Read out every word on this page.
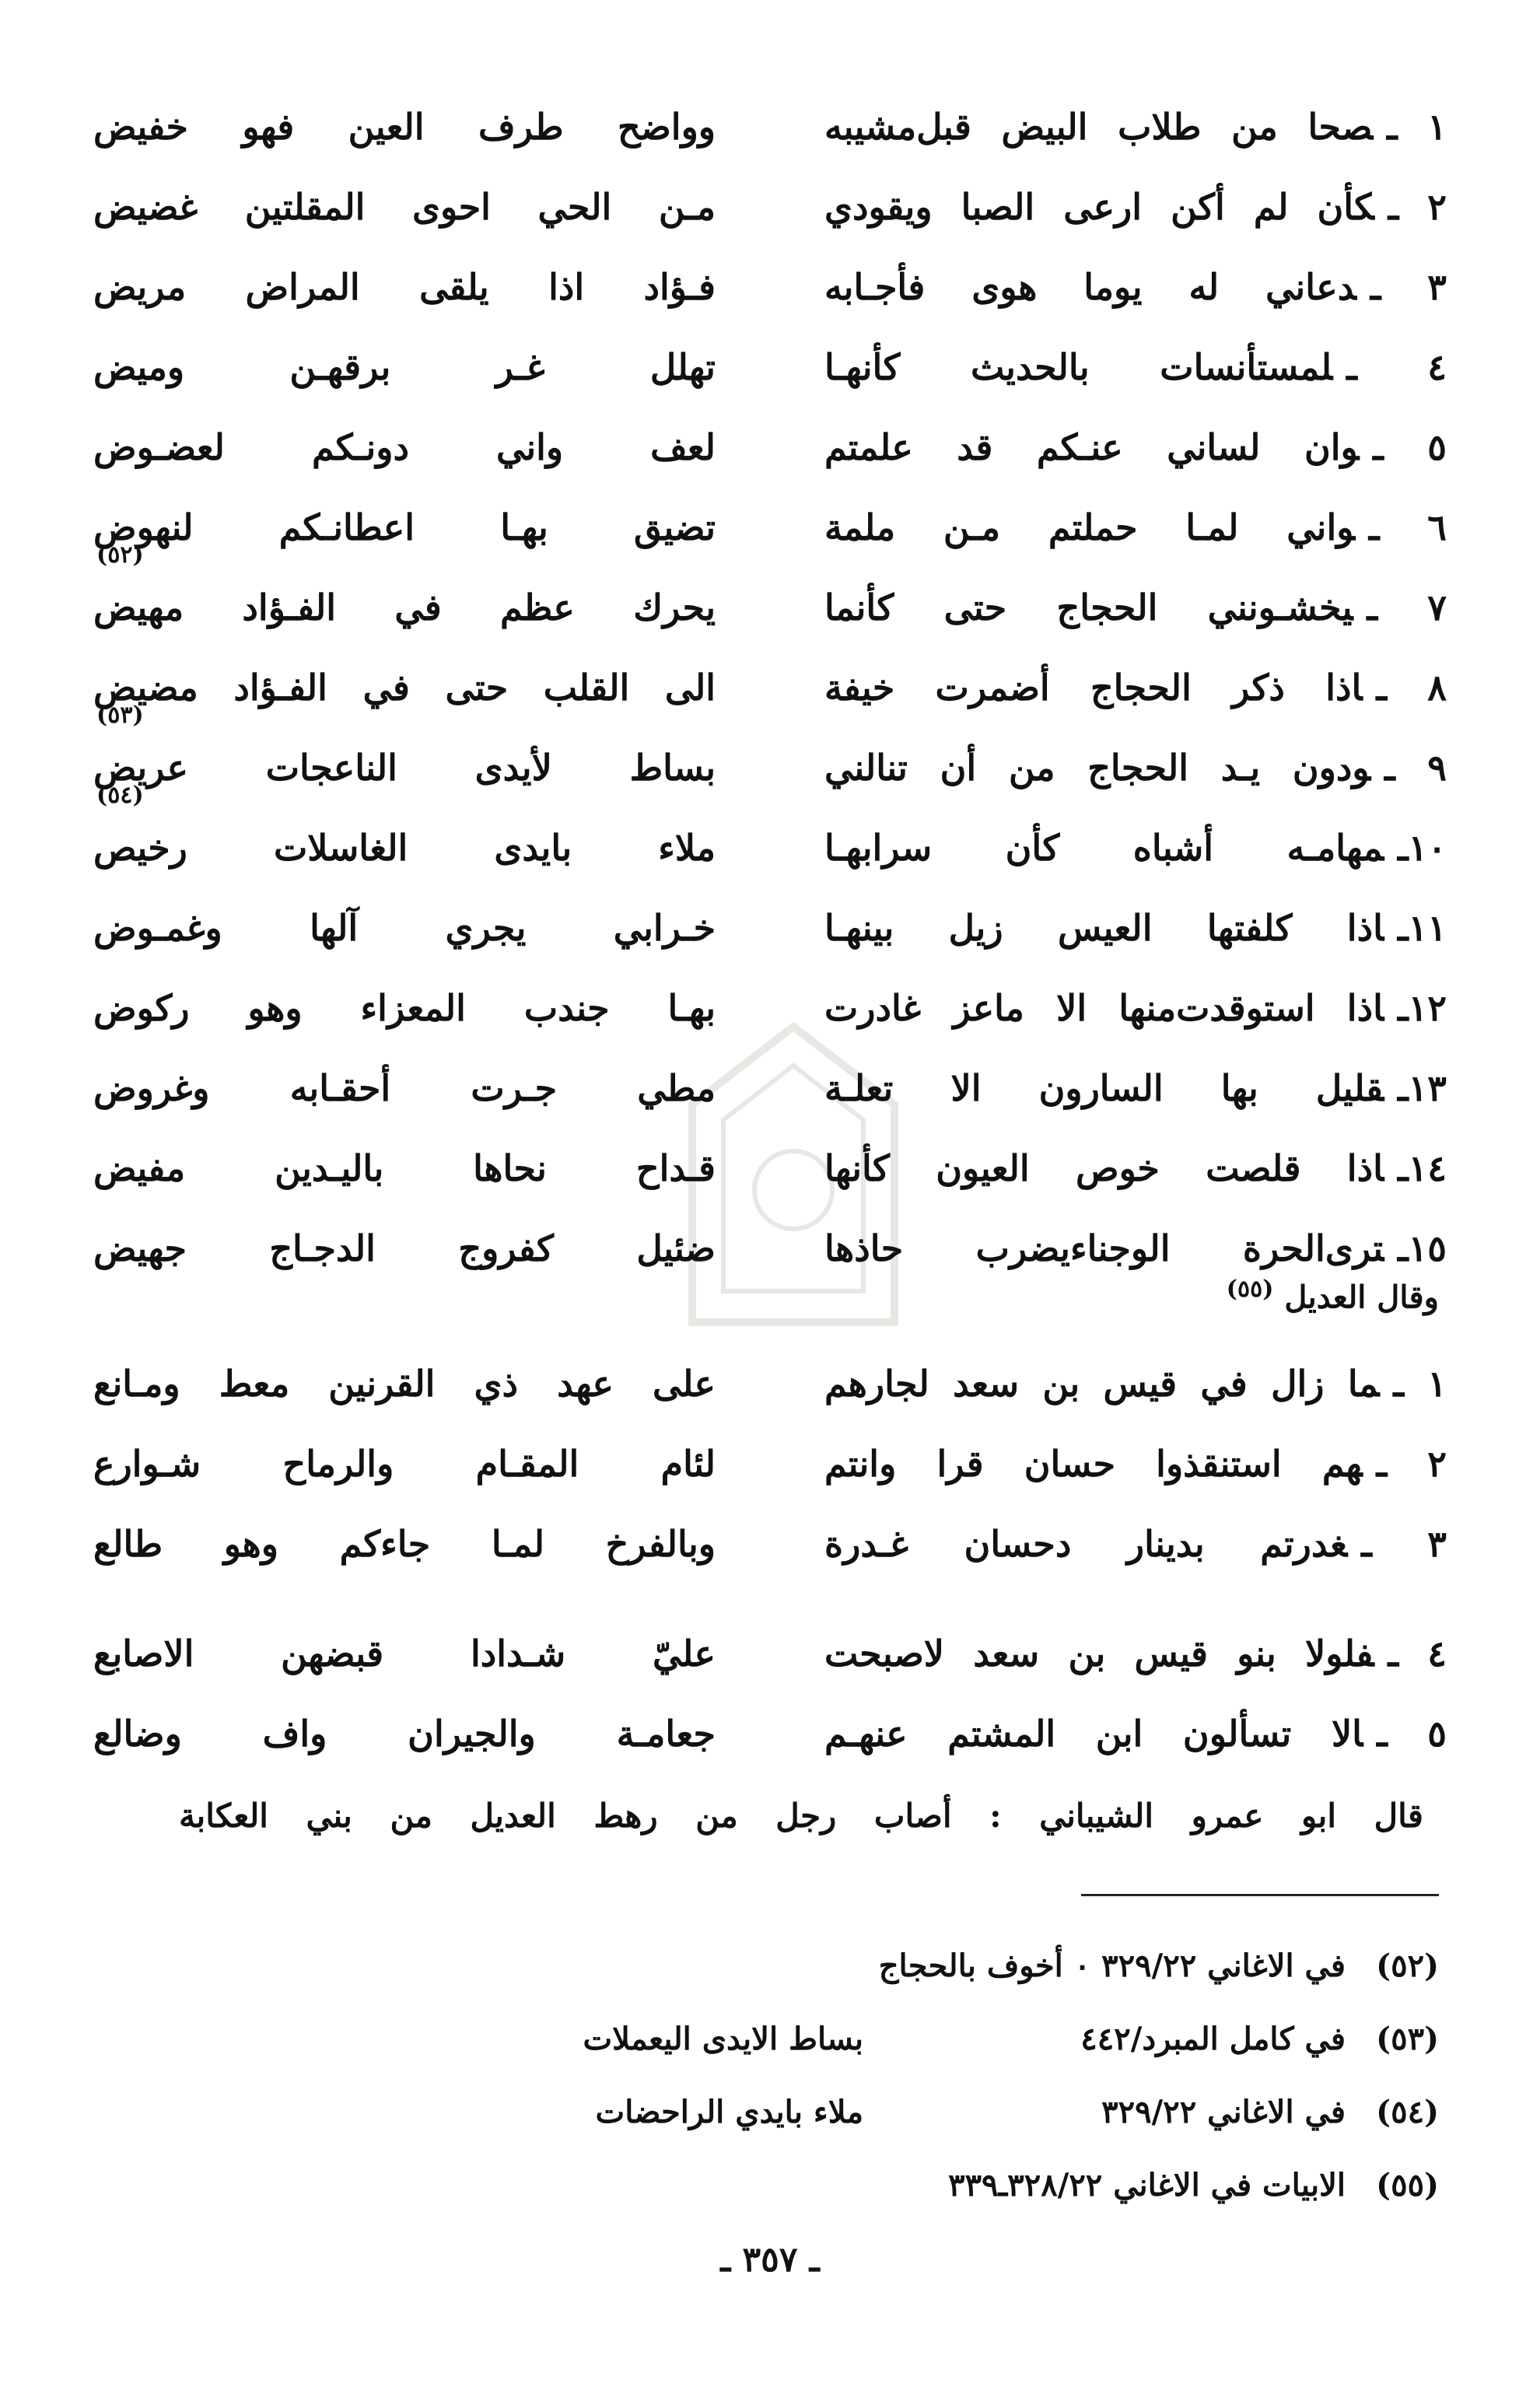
١ ـصحا من طلاب البيض قبل‌مشيبه
وواضح طرف العين فهو خفيض
٢ ـكأن لم أكن ارعى الصبا ويقودي
مـن الحي احوى المقلتين غضيض
٣ ـدعاني له يوما هوى فأجـابه
فـؤاد اذا يلقى المراض مريض
٤ ـلمستأنسات بالحديث كأنهـا
تهلل غـر برقهـن وميض
٥ ـوان لساني عنـكم قد علمتم
لعف واني دونـكم لعضـوض
٦ ـواني لمـا حملتم مـن ملمة
تضيق بهـا اعطانـكم لنهوض
٧ ـيخشـونني الحجاج حتى كأنما
يحرك عظم في الفـؤاد مهيض
(٥٢)
٨ ـاذا ذكر الحجاج أضمرت خيفة
الى القلب حتى في الفـؤاد مضيض
٩ ـودون يـد الحجاج من أن تنالني
بساط لأيدى الناعجات عريض
(٥٣)
١٠ـمهامـه أشباه كأن سرابهـا
ملاء بايدى الغاسلات رخيص
(٥٤)
١١ـاذا كلفتها العيس زيل بينهـا
خـرابي يجري آلها وغمـوض
١٢ـاذا استوقدت‌منها الا ماعز غادرت
بهـا جندب المعزاء وهو ركوض
١٣ـقليل بها السارون الا تعلـة
مطي جـرت أحقـابه وغروض
١٤ـاذا قلصت خوص العيون كأنها
قـداح نحاها باليـدين مفيض
١٥ـترى‌الحرة الوجناءيضرب حاذها
ضئيل كفروج الدجـاج جهيض
وقال العديل $^{(٥٥)}$
١ ـما زال في قيس بن سعد لجارهم
على عهد ذي القرنين معط ومـانع
٢ ـهم استنقذوا حسان قرا وانتم
لئام المقـام والرماح شـوارع
٣ ـغدرتم بدينار دحسان غـدرة
وبالفرخ لمـا جاءكم وهو طالع
٤ ـفلولا بنو قيس بن سعد لاصبحت
عليّ شـدادا قبضهن الاصابع
٥ ـالا تسألون ابن المشتم عنهـم
جعامـة والجيران واف وضالع
قال ابو عمرو الشيباني : أصاب رجل من رهط العديل من بني العكابة
(٥٢)
في الاغاني ٣٢٩/٢٢ ٠ أخوف بالحجاج
(٥٣)
في كامل المبرد/٤٤٢
بساط الايدى اليعملات
(٥٤)
في الاغاني ٣٢٩/٢٢
ملاء بايدي الراحضات
(٥٥)
الابيات في الاغاني ٣٢٨/٢٢ـ٣٣٩
ـ ٣٥٧ ـ
